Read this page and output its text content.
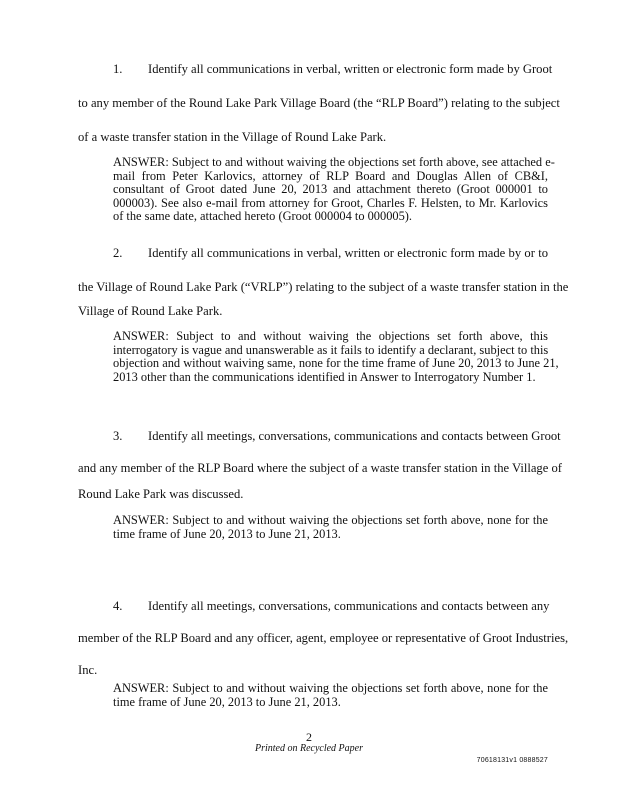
1. Identify all communications in verbal, written or electronic form made by Groot
to any member of the Round Lake Park Village Board (the “RLP Board”) relating to the subject
of a waste transfer station in the Village of Round Lake Park.
ANSWER: Subject to and without waiving the objections set forth above, see attached e-
mail from Peter Karlovics, attorney of RLP Board and Douglas Allen of CB&I,
consultant of Groot dated June 20, 2013 and attachment thereto (Groot 000001 to
000003). See also e-mail from attorney for Groot, Charles F. Helsten, to Mr. Karlovics
of the same date, attached hereto (Groot 000004 to 000005).
2. Identify all communications in verbal, written or electronic form made by or to
the Village of Round Lake Park (“VRLP”) relating to the subject of a waste transfer station in the
Village of Round Lake Park.
ANSWER: Subject to and without waiving the objections set forth above, this
interrogatory is vague and unanswerable as it fails to identify a declarant, subject to this
objection and without waiving same, none for the time frame of June 20, 2013 to June 21,
2013 other than the communications identified in Answer to Interrogatory Number 1.
3. Identify all meetings, conversations, communications and contacts between Groot
and any member of the RLP Board where the subject of a waste transfer station in the Village of
Round Lake Park was discussed.
ANSWER: Subject to and without waiving the objections set forth above, none for the
time frame of June 20, 2013 to June 21, 2013.
4. Identify all meetings, conversations, communications and contacts between any
member of the RLP Board and any officer, agent, employee or representative of Groot Industries,
Inc.
ANSWER: Subject to and without waiving the objections set forth above, none for the
time frame of June 20, 2013 to June 21, 2013.
2
Printed on Recycled Paper
70618131v1 0888527
